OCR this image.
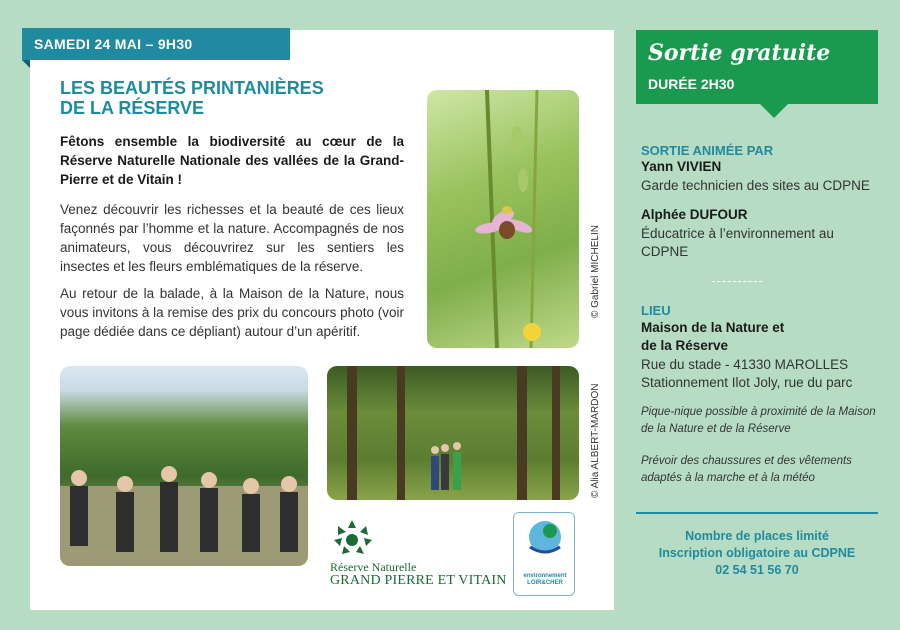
SAMEDI 24 MAI – 9H30
LES BEAUTÉS PRINTANIÈRES
DE LA RÉSERVE

Fêtons ensemble la biodiversité au cœur de la Réserve Naturelle Nationale des vallées de la Grand-Pierre et de Vitain !

Venez découvrir les richesses et la beauté de ces lieux façonnés par l’homme et la nature. Accompagnés de nos animateurs, vous découvrirez sur les sentiers les insectes et les fleurs emblématiques de la réserve.

Au retour de la balade, à la Maison de la Nature, nous vous invitons à la remise des prix du concours photo (voir page dédiée dans ce dépliant) autour d’un apéritif.

© Gabriel MICHELIN
© Alia ALBERT-MARDON
Réserve Naturelle
GRAND PIERRE ET VITAIN	environnement
LOIR&CHER
Sortie gratuite
DURÉE 2H30
SORTIE ANIMÉE PAR
Yann VIVIEN
Garde technicien des sites au CDPNE
Alphée DUFOUR
Éducatrice à l’environnement au CDPNE
LIEU
Maison de la Nature et
de la Réserve
Rue du stade - 41330 MAROLLES
Stationnement Ilot Joly, rue du parc
Pique-nique possible à proximité de la Maison de la Nature et de la Réserve
Prévoir des chaussures et des vêtements adaptés à la marche et à la météo
Nombre de places limité
Inscription obligatoire au CDPNE
02 54 51 56 70
